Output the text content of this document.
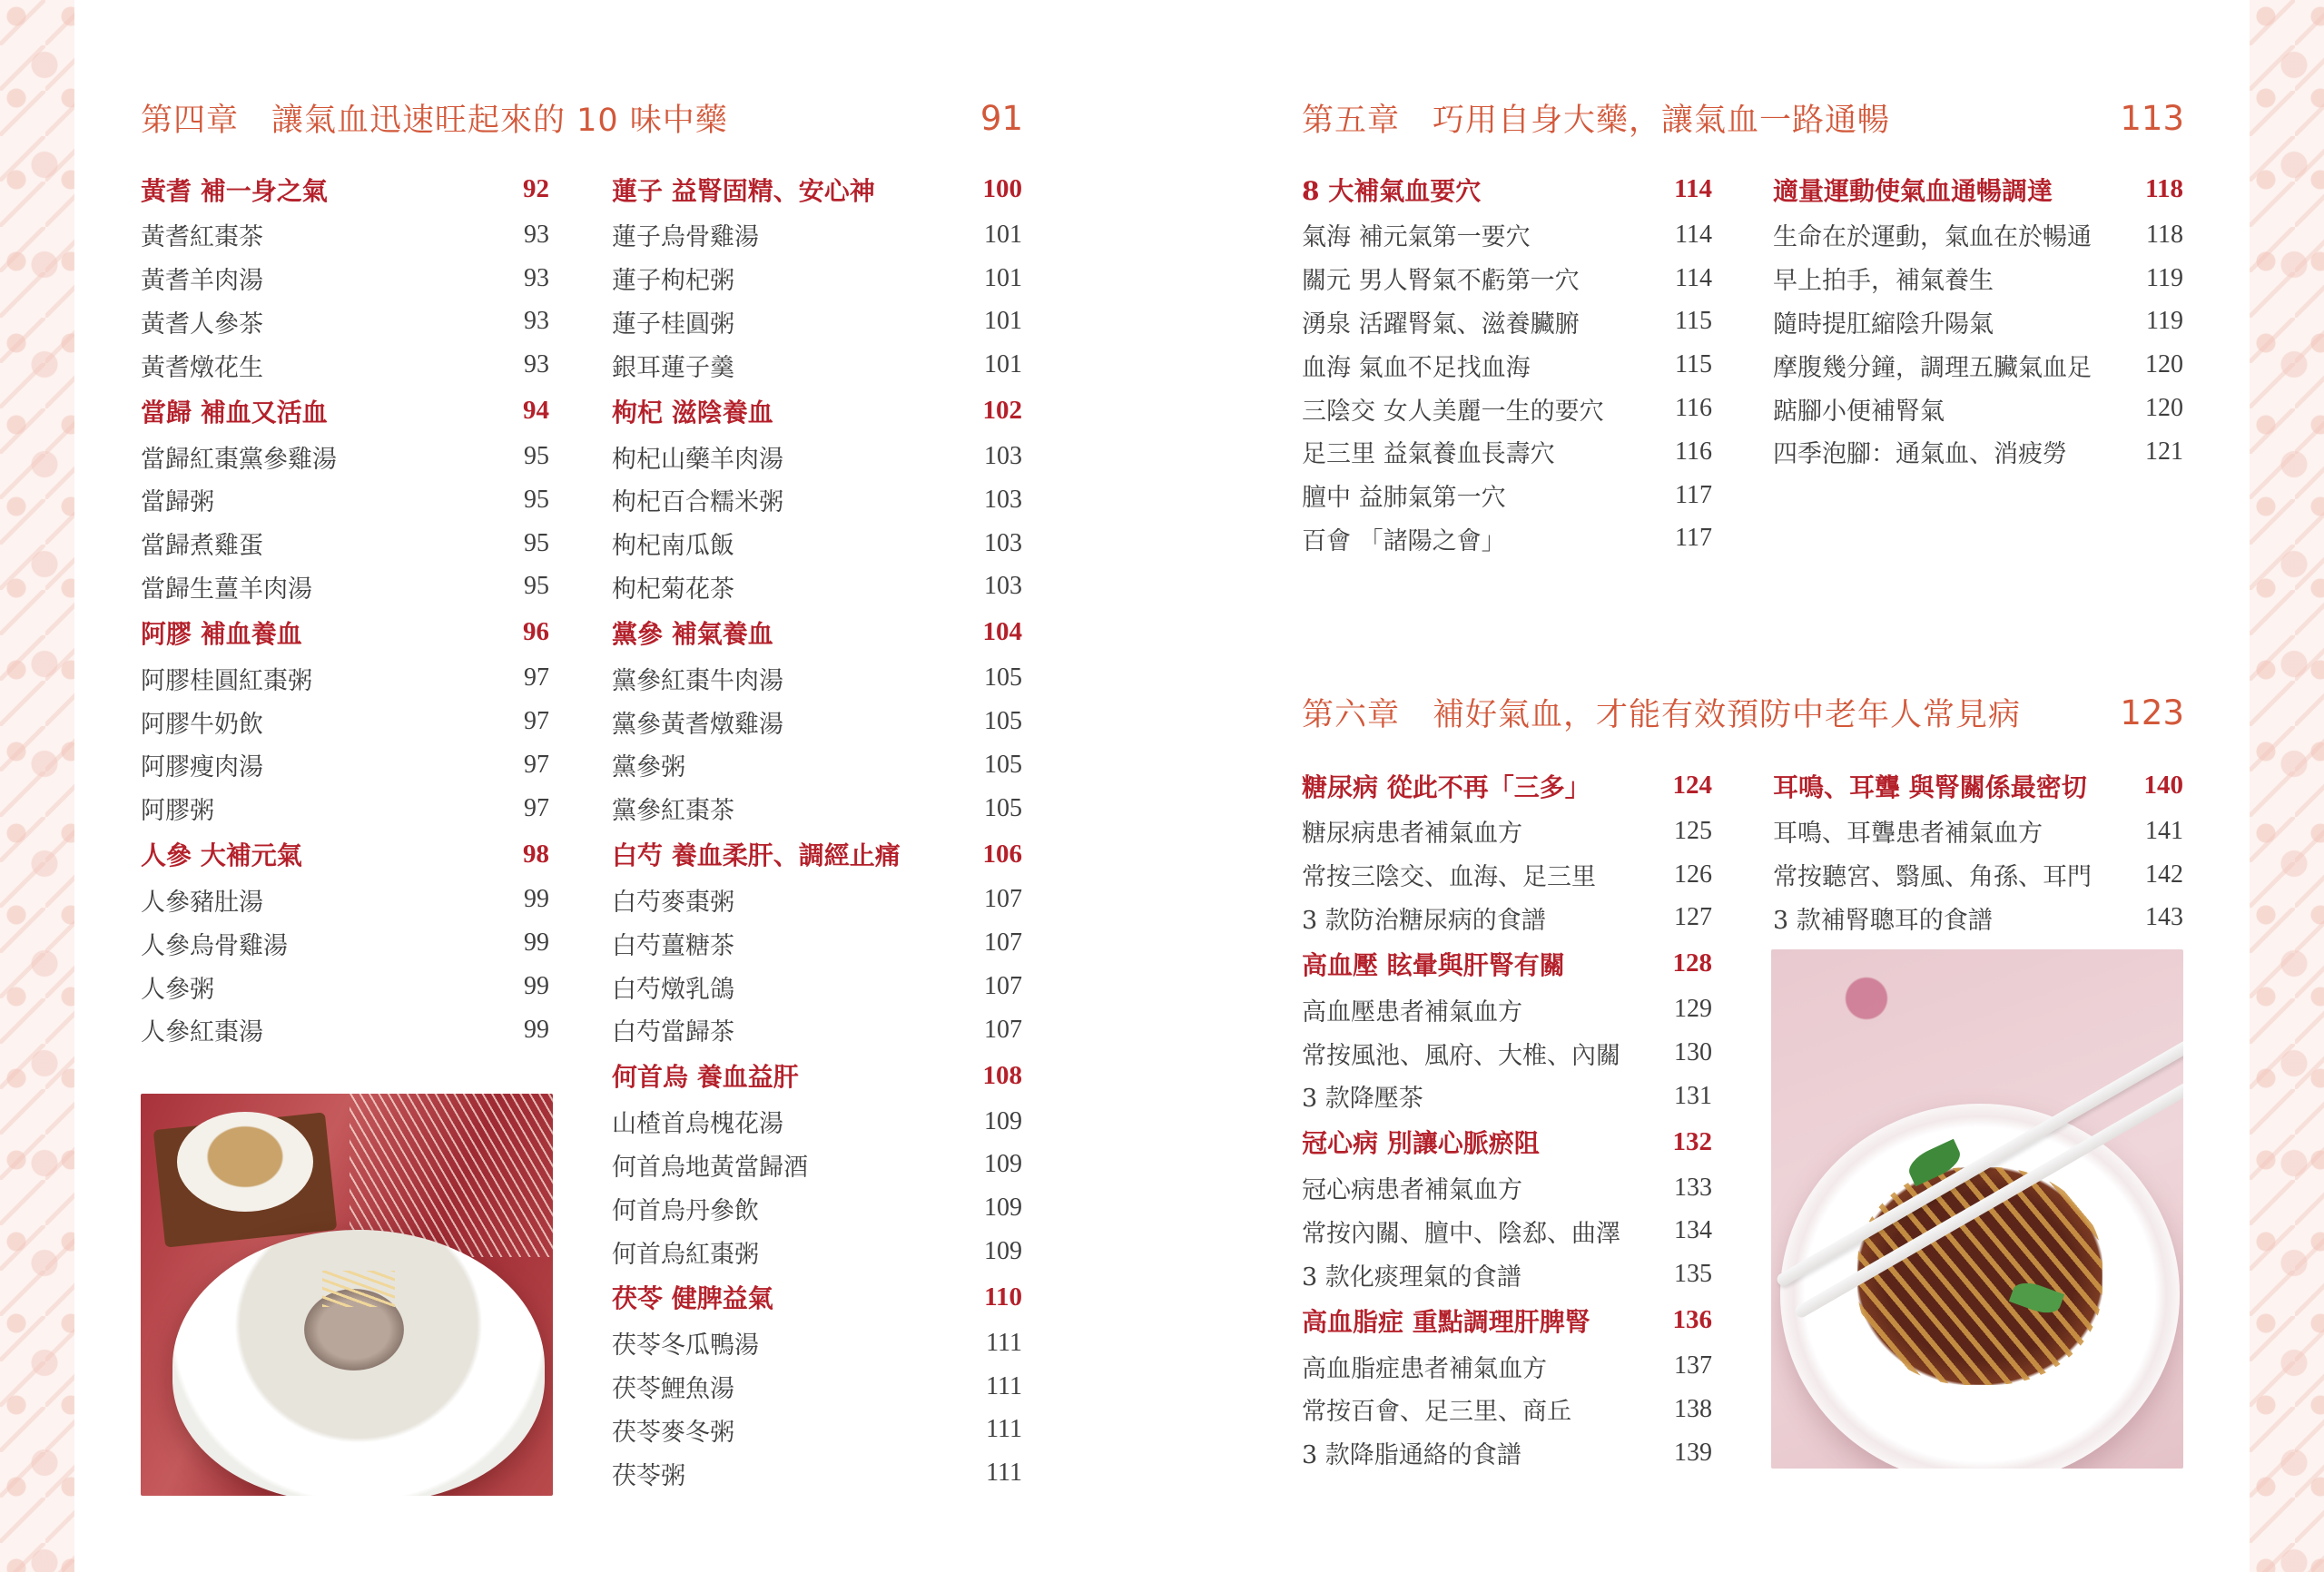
第四章　讓氣血迅速旺起來的 10 味中藥	91
黃耆 補一身之氣	92
黃耆紅棗茶	93
黃耆羊肉湯	93
黃耆人參茶	93
黃耆燉花生	93
當歸 補血又活血	94
當歸紅棗黨參雞湯	95
當歸粥	95
當歸煮雞蛋	95
當歸生薑羊肉湯	95
阿膠 補血養血	96
阿膠桂圓紅棗粥	97
阿膠牛奶飲	97
阿膠瘦肉湯	97
阿膠粥	97
人參 大補元氣	98
人參豬肚湯	99
人參烏骨雞湯	99
人參粥	99
人參紅棗湯	99
蓮子 益腎固精、安心神	100
蓮子烏骨雞湯	101
蓮子枸杞粥	101
蓮子桂圓粥	101
銀耳蓮子羹	101
枸杞 滋陰養血	102
枸杞山藥羊肉湯	103
枸杞百合糯米粥	103
枸杞南瓜飯	103
枸杞菊花茶	103
黨參 補氣養血	104
黨參紅棗牛肉湯	105
黨參黃耆燉雞湯	105
黨參粥	105
黨參紅棗茶	105
白芍 養血柔肝、調經止痛	106
白芍麥棗粥	107
白芍薑糖茶	107
白芍燉乳鴿	107
白芍當歸茶	107
何首烏 養血益肝	108
山楂首烏槐花湯	109
何首烏地黃當歸酒	109
何首烏丹參飲	109
何首烏紅棗粥	109
茯苓 健脾益氣	110
茯苓冬瓜鴨湯	111
茯苓鯉魚湯	111
茯苓麥冬粥	111
茯苓粥	111
第五章　巧用自身大藥，讓氣血一路通暢	113
8 大補氣血要穴	114
氣海 補元氣第一要穴	114
關元 男人腎氣不虧第一穴	114
湧泉 活躍腎氣、滋養臟腑	115
血海 氣血不足找血海	115
三陰交 女人美麗一生的要穴	116
足三里 益氣養血長壽穴	116
膻中 益肺氣第一穴	117
百會 「諸陽之會」	117
適量運動使氣血通暢調達	118
生命在於運動，氣血在於暢通 118
早上拍手，補氣養生	119
隨時提肛縮陰升陽氣	119
摩腹幾分鐘，調理五臟氣血足 120
踮腳小便補腎氣	120
四季泡腳：通氣血、消疲勞	121
第六章　補好氣血，才能有效預防中老年人常見病	123
糖尿病 從此不再「三多」	124
糖尿病患者補氣血方	125
常按三陰交、血海、足三里	126
3 款防治糖尿病的食譜	127
高血壓 眩暈與肝腎有關	128
高血壓患者補氣血方	129
常按風池、風府、大椎、內關 130
3 款降壓茶	131
冠心病 別讓心脈瘀阻	132
冠心病患者補氣血方	133
常按內關、膻中、陰郄、曲澤 134
3 款化痰理氣的食譜	135
高血脂症 重點調理肝脾腎	136
高血脂症患者補氣血方	137
常按百會、足三里、商丘	138
3 款降脂通絡的食譜	139
耳鳴、耳聾 與腎關係最密切 140
耳鳴、耳聾患者補氣血方	141
常按聽宮、翳風、角孫、耳門 142
3 款補腎聰耳的食譜	143
